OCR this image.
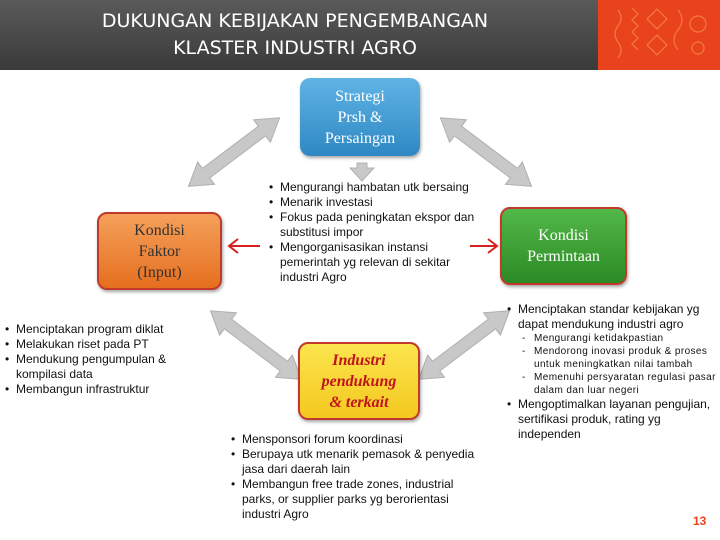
DUKUNGAN KEBIJAKAN PENGEMBANGAN KLASTER INDUSTRI AGRO
Strategi
Prsh &
Persaingan
Kondisi
Faktor
(Input)
Kondisi
Permintaan
Industri
pendukung
& terkait
• Mengurangi hambatan utk bersaing
• Menarik investasi
• Fokus pada peningkatan ekspor dan substitusi impor
• Mengorganisasikan instansi pemerintah yg relevan di sekitar industri Agro
• Menciptakan program diklat
• Melakukan riset pada PT
• Mendukung pengumpulan & kompilasi data
• Membangun infrastruktur
• Mensponsori forum koordinasi
• Berupaya utk menarik pemasok & penyedia jasa dari daerah lain
• Membangun free trade zones, industrial parks, or supplier parks yg berorientasi industri Agro
• Menciptakan standar kebijakan yg dapat mendukung industri agro
- Mengurangi ketidakpastian
- Mendorong inovasi produk & proses untuk meningkatkan nilai tambah
- Memenuhi persyaratan regulasi pasar dalam dan luar negeri
• Mengoptimalkan layanan pengujian, sertifikasi produk, rating yg independen
13
